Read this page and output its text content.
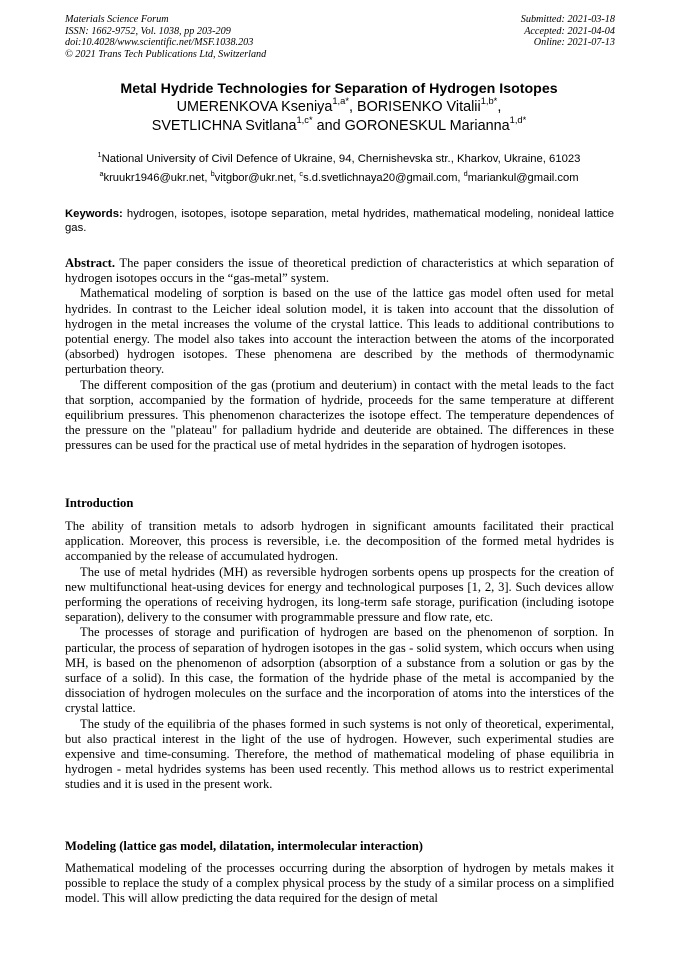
Materials Science Forum
ISSN: 1662-9752, Vol. 1038, pp 203-209
doi:10.4028/www.scientific.net/MSF.1038.203
© 2021 Trans Tech Publications Ltd, Switzerland
Submitted: 2021-03-18
Accepted: 2021-04-04
Online: 2021-07-13
Metal Hydride Technologies for Separation of Hydrogen Isotopes
UMERENKOVA Kseniya$^{1,a*}$, BORISENKO Vitalii$^{1,b*}$,
SVETLICHNA Svitlana$^{1,c*}$ and GORONESKUL Marianna$^{1,d*}$
$^1$National University of Civil Defence of Ukraine, 94, Chernishevska str., Kharkov, Ukraine, 61023
$^a$kruukr1946@ukr.net, $^b$vitgbor@ukr.net, $^c$s.d.svetlichnaya20@gmail.com, $^d$mariankul@gmail.com
Keywords: hydrogen, isotopes, isotope separation, metal hydrides, mathematical modeling, nonideal lattice gas.

Abstract. The paper considers the issue of theoretical prediction of characteristics at which separation of hydrogen isotopes occurs in the “gas-metal” system.

Mathematical modeling of sorption is based on the use of the lattice gas model often used for metal hydrides. In contrast to the Leicher ideal solution model, it is taken into account that the dissolution of hydrogen in the metal increases the volume of the crystal lattice. This leads to additional contributions to potential energy. The model also takes into account the interaction between the atoms of the incorporated (absorbed) hydrogen isotopes. These phenomena are described by the methods of thermodynamic perturbation theory.

The different composition of the gas (protium and deuterium) in contact with the metal leads to the fact that sorption, accompanied by the formation of hydride, proceeds for the same temperature at different equilibrium pressures. This phenomenon characterizes the isotope effect. The temperature dependences of the pressure on the "plateau" for palladium hydride and deuteride are obtained. The differences in these pressures can be used for the practical use of metal hydrides in the separation of hydrogen isotopes.

Introduction

The ability of transition metals to adsorb hydrogen in significant amounts facilitated their practical application. Moreover, this process is reversible, i.e. the decomposition of the formed metal hydrides is accompanied by the release of accumulated hydrogen.

The use of metal hydrides (MH) as reversible hydrogen sorbents opens up prospects for the creation of new multifunctional heat-using devices for energy and technological purposes [1, 2, 3]. Such devices allow performing the operations of receiving hydrogen, its long-term safe storage, purification (including isotope separation), delivery to the consumer with programmable pressure and flow rate, etc.

The processes of storage and purification of hydrogen are based on the phenomenon of sorption. In particular, the process of separation of hydrogen isotopes in the gas - solid system, which occurs when using MH, is based on the phenomenon of adsorption (absorption of a substance from a solution or gas by the surface of a solid). In this case, the formation of the hydride phase of the metal is accompanied by the dissociation of hydrogen molecules on the surface and the incorporation of atoms into the interstices of the crystal lattice.

The study of the equilibria of the phases formed in such systems is not only of theoretical, experimental, but also practical interest in the light of the use of hydrogen. However, such experimental studies are expensive and time-consuming. Therefore, the method of mathematical modeling of phase equilibria in hydrogen - metal hydrides systems has been used recently. This method allows us to restrict experimental studies and it is used in the present work.

Modeling (lattice gas model, dilatation, intermolecular interaction)

Mathematical modeling of the processes occurring during the absorption of hydrogen by metals makes it possible to replace the study of a complex physical process by the study of a similar process on a simplified model. This will allow predicting the data required for the design of metal
